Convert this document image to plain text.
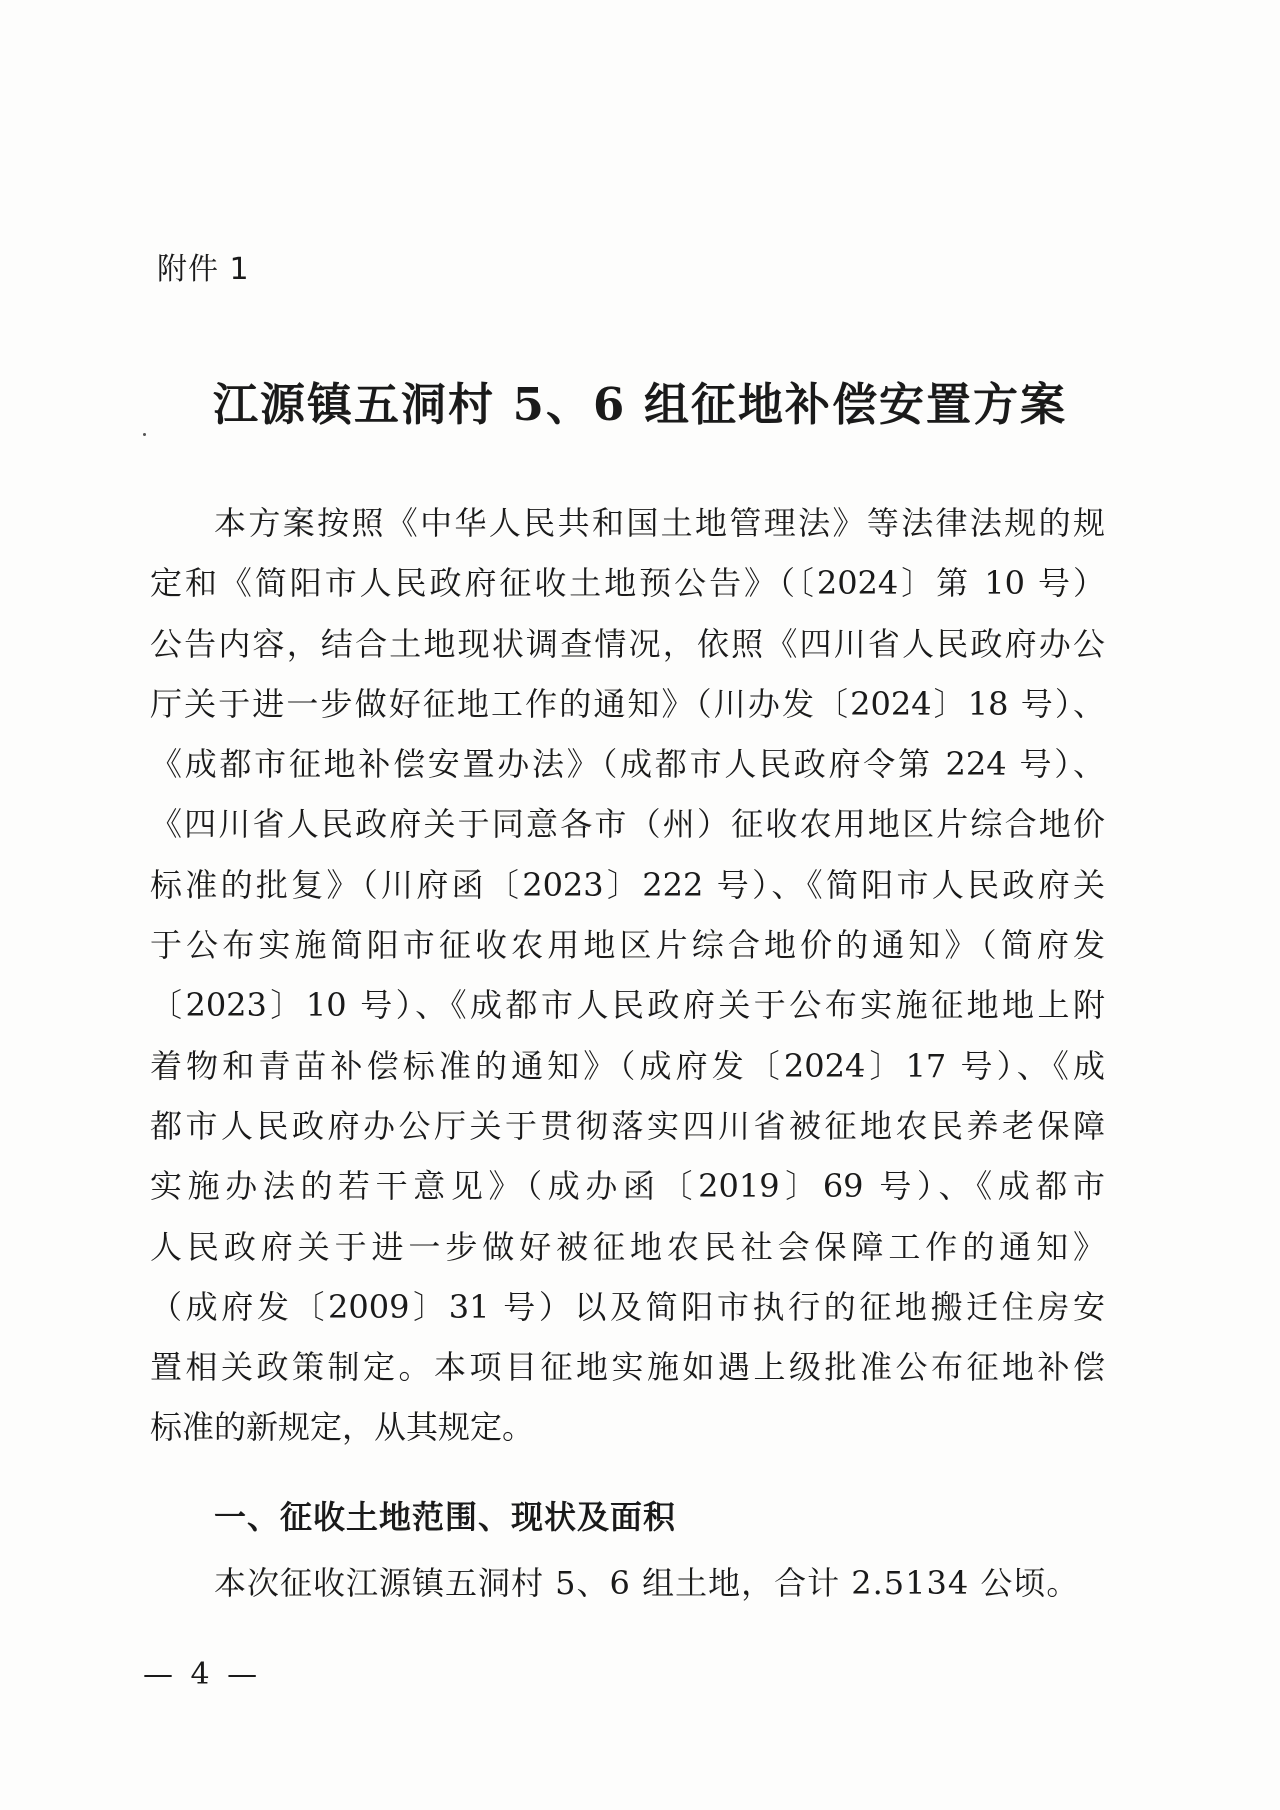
附件 1
江源镇五洞村 5、6 组征地补偿安置方案
本方案按照《中华人民共和国土地管理法》等法律法规的规
定和《简阳市人民政府征收土地预公告》（〔2024〕第 10 号）
公告内容，结合土地现状调查情况，依照《四川省人民政府办公
厅关于进一步做好征地工作的通知》（川办发〔2024〕18 号）、
《成都市征地补偿安置办法》（成都市人民政府令第 224 号）、
《四川省人民政府关于同意各市（州）征收农用地区片综合地价
标准的批复》（川府函〔2023〕222 号）、《简阳市人民政府关
于公布实施简阳市征收农用地区片综合地价的通知》（简府发
〔2023〕10 号）、《成都市人民政府关于公布实施征地地上附
着物和青苗补偿标准的通知》（成府发〔2024〕17 号）、《成
都市人民政府办公厅关于贯彻落实四川省被征地农民养老保障
实施办法的若干意见》（成办函〔2019〕69 号）、《成都市
人民政府关于进一步做好被征地农民社会保障工作的通知》
（成府发〔2009〕31 号）以及简阳市执行的征地搬迁住房安
置相关政策制定。本项目征地实施如遇上级批准公布征地补偿
标准的新规定，从其规定。
一、征收土地范围、现状及面积
本次征收江源镇五洞村 5、6 组土地，合计 2.5134 公顷。
— 4 —
